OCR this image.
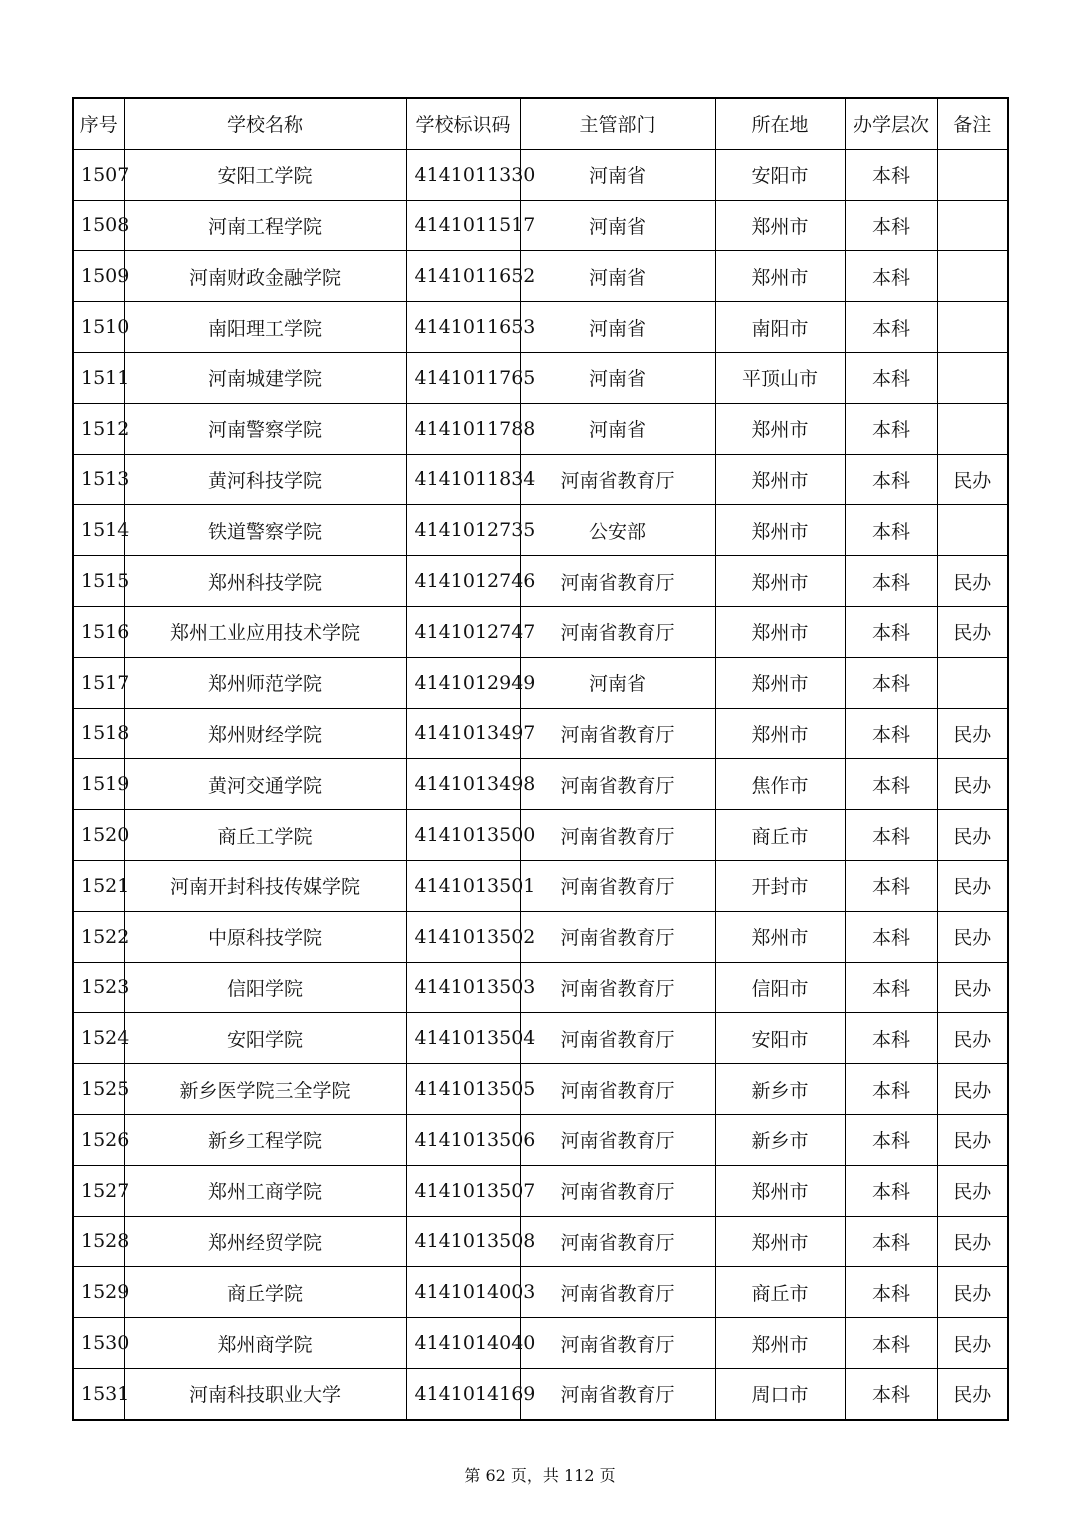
序号	学校名称	学校标识码	主管部门	所在地	办学层次	备注
1507	安阳工学院	4141011330	河南省	安阳市	本科	
1508	河南工程学院	4141011517	河南省	郑州市	本科	
1509	河南财政金融学院	4141011652	河南省	郑州市	本科	
1510	南阳理工学院	4141011653	河南省	南阳市	本科	
1511	河南城建学院	4141011765	河南省	平顶山市	本科	
1512	河南警察学院	4141011788	河南省	郑州市	本科	
1513	黄河科技学院	4141011834	河南省教育厅	郑州市	本科	民办
1514	铁道警察学院	4141012735	公安部	郑州市	本科	
1515	郑州科技学院	4141012746	河南省教育厅	郑州市	本科	民办
1516	郑州工业应用技术学院	4141012747	河南省教育厅	郑州市	本科	民办
1517	郑州师范学院	4141012949	河南省	郑州市	本科	
1518	郑州财经学院	4141013497	河南省教育厅	郑州市	本科	民办
1519	黄河交通学院	4141013498	河南省教育厅	焦作市	本科	民办
1520	商丘工学院	4141013500	河南省教育厅	商丘市	本科	民办
1521	河南开封科技传媒学院	4141013501	河南省教育厅	开封市	本科	民办
1522	中原科技学院	4141013502	河南省教育厅	郑州市	本科	民办
1523	信阳学院	4141013503	河南省教育厅	信阳市	本科	民办
1524	安阳学院	4141013504	河南省教育厅	安阳市	本科	民办
1525	新乡医学院三全学院	4141013505	河南省教育厅	新乡市	本科	民办
1526	新乡工程学院	4141013506	河南省教育厅	新乡市	本科	民办
1527	郑州工商学院	4141013507	河南省教育厅	郑州市	本科	民办
1528	郑州经贸学院	4141013508	河南省教育厅	郑州市	本科	民办
1529	商丘学院	4141014003	河南省教育厅	商丘市	本科	民办
1530	郑州商学院	4141014040	河南省教育厅	郑州市	本科	民办
1531	河南科技职业大学	4141014169	河南省教育厅	周口市	本科	民办
第 62 页，共 112 页
